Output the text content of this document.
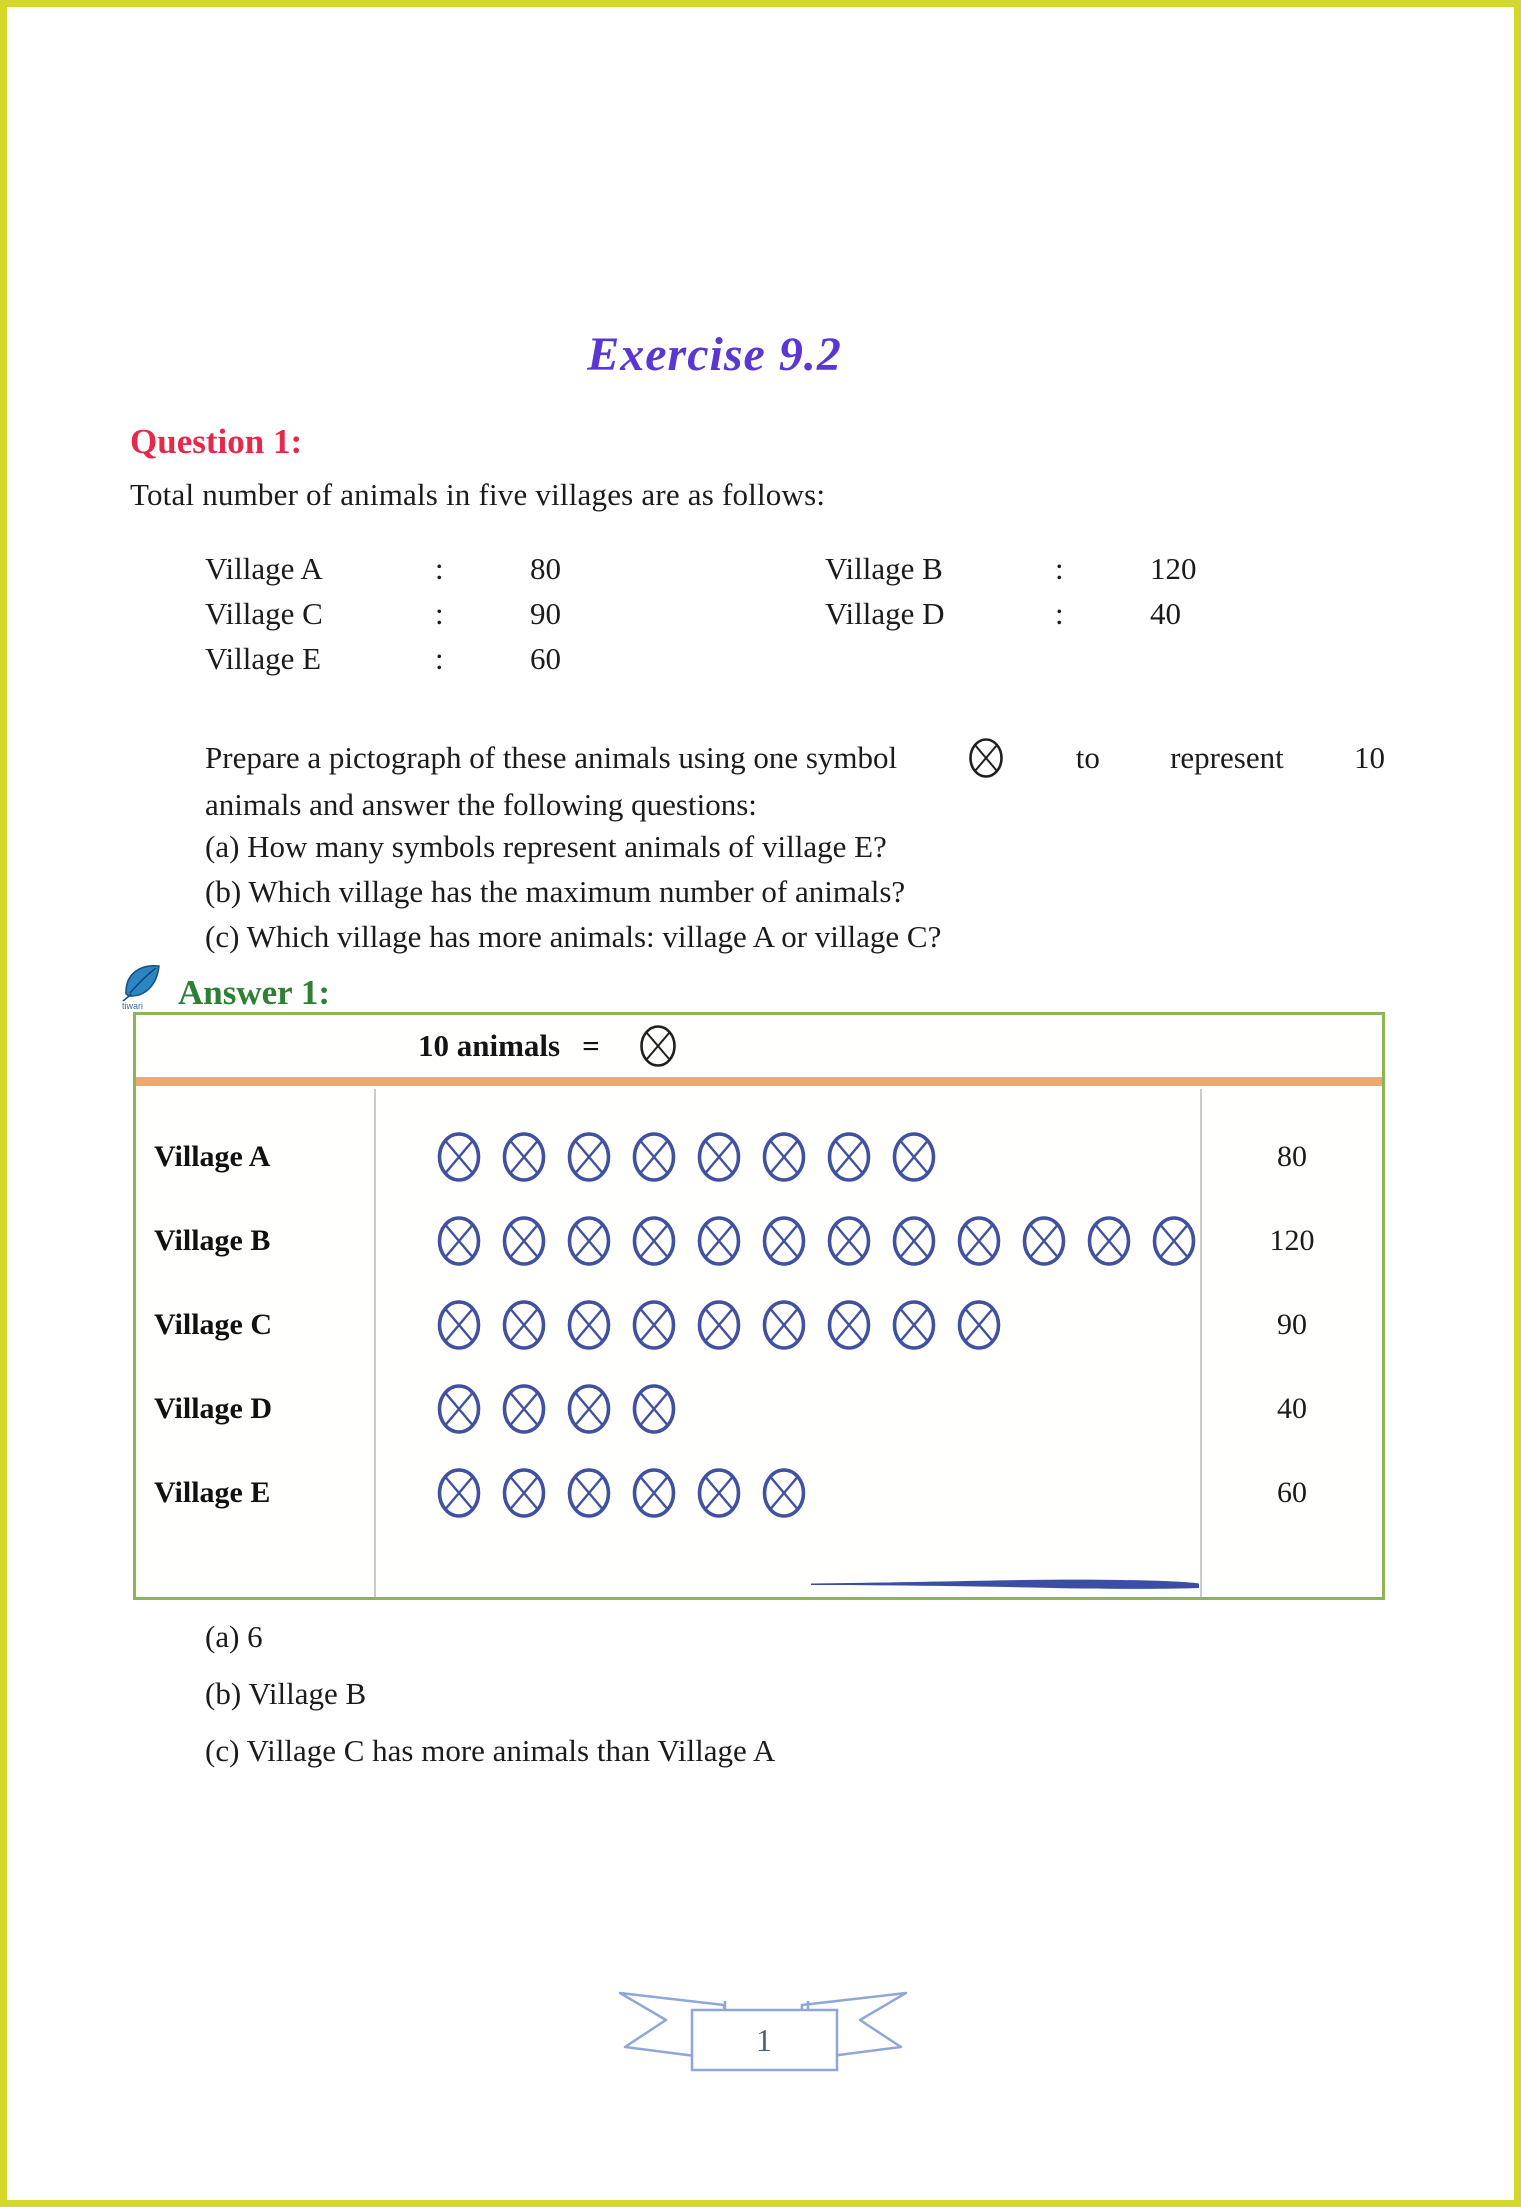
Exercise 9.2
Question 1:
Total number of animals in five villages are as follows:
Village A	:	80	Village B	:	120
Village C	:	90	Village D	:	40
Village E	:	60
Prepare a pictograph of these animals using one symbol	to represent 10
animals and answer the following questions:
(a) How many symbols represent animals of village E?
(b) Which village has the maximum number of animals?
(c) Which village has more animals: village A or village C?
tiwari Answer 1:
10 animals =
Village A	80
Village B	120
Village C	90
Village D	40
Village E	60
(a) 6
(b) Village B
(c) Village C has more animals than Village A
1
